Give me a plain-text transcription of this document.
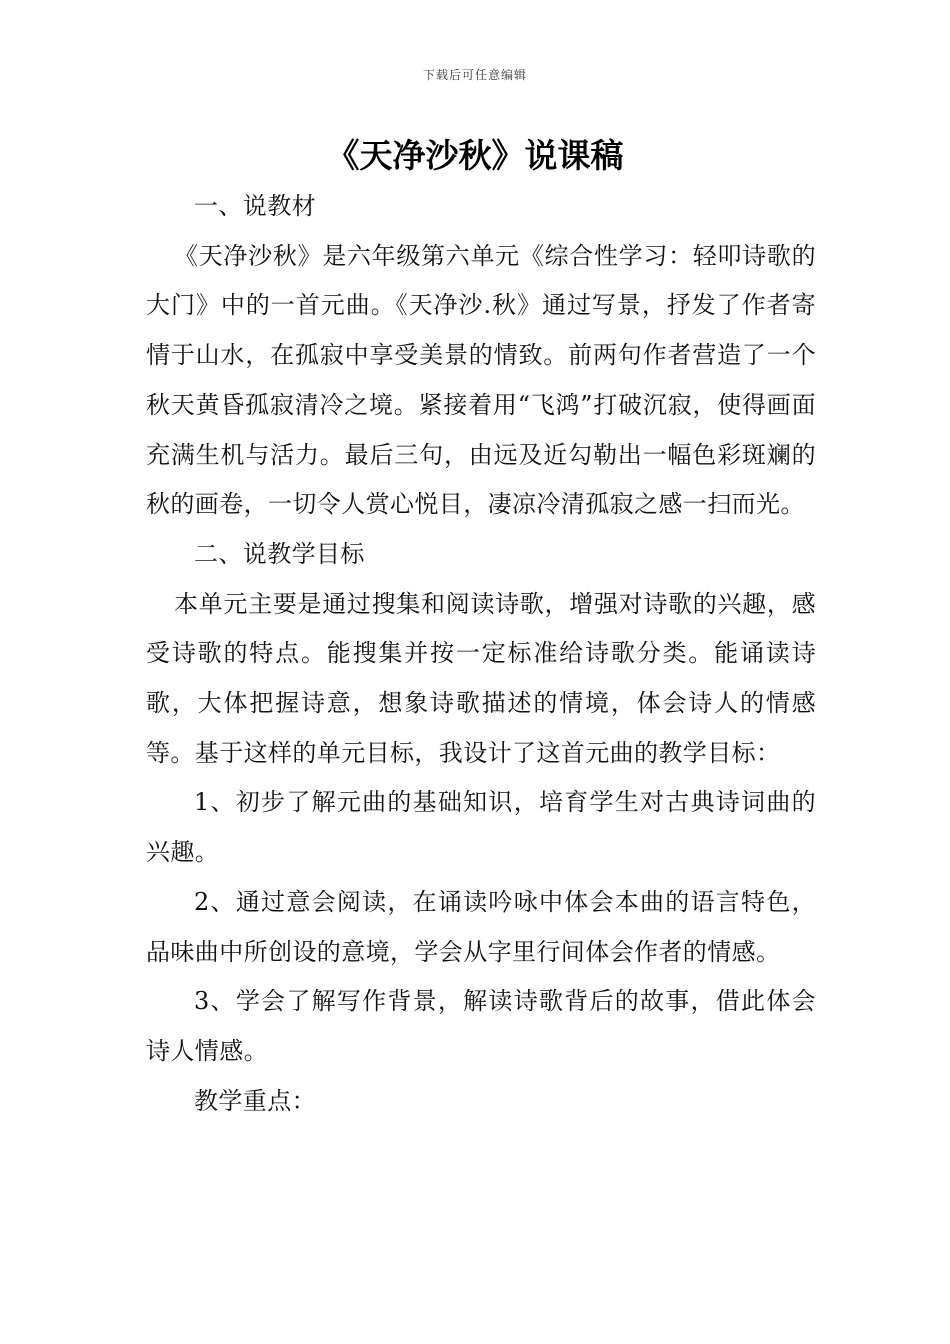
下载后可任意编辑
《天净沙秋》说课稿

一、说教材

《天净沙秋》是六年级第六单元《综合性学习：轻叩诗歌的大门》中的一首元曲。《天净沙.秋》通过写景，抒发了作者寄情于山水，在孤寂中享受美景的情致。前两句作者营造了一个秋天黄昏孤寂清冷之境。紧接着用“飞鸿”打破沉寂，使得画面充满生机与活力。最后三句，由远及近勾勒出一幅色彩斑斓的秋的画卷，一切令人赏心悦目，凄凉冷清孤寂之感一扫而光。

二、说教学目标

本单元主要是通过搜集和阅读诗歌，增强对诗歌的兴趣，感受诗歌的特点。能搜集并按一定标准给诗歌分类。能诵读诗歌，大体把握诗意，想象诗歌描述的情境，体会诗人的情感等。基于这样的单元目标，我设计了这首元曲的教学目标：

1、初步了解元曲的基础知识，培育学生对古典诗词曲的兴趣。

2、通过意会阅读，在诵读吟咏中体会本曲的语言特色，品味曲中所创设的意境，学会从字里行间体会作者的情感。

3、学会了解写作背景，解读诗歌背后的故事，借此体会诗人情感。

教学重点：
